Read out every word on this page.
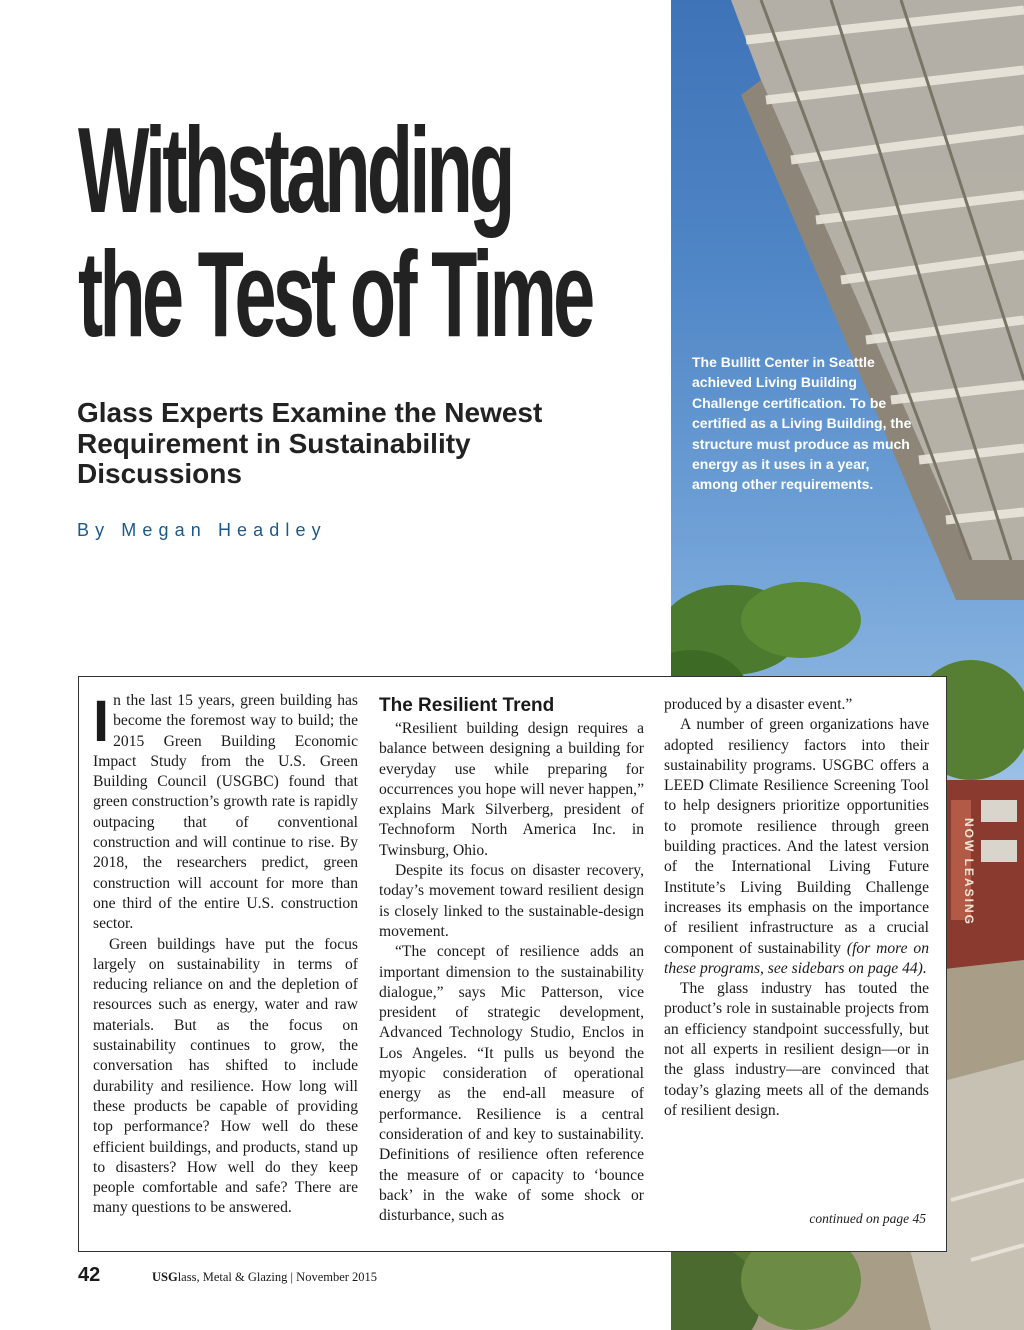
NOW LEASING
The Bullitt Center in Seattle achieved Living Building Challenge certification. To be certified as a Living Building, the structure must produce as much energy as it uses in a year, among other requirements.
Withstanding
the Test of Time
Glass Experts Examine the Newest Requirement in Sustainability Discussions
By Megan Headley

In the last 15 years, green building has become the foremost way to build; the 2015 Green Building Economic Impact Study from the U.S. Green Building Council (USGBC) found that green construction’s growth rate is rapidly outpacing that of conventional construction and will continue to rise. By 2018, the researchers predict, green construction will account for more than one third of the entire U.S. construction sector.

Green buildings have put the focus largely on sustainability in terms of reducing reliance on and the depletion of resources such as energy, water and raw materials. But as the focus on sustainability continues to grow, the conversation has shifted to include durability and resilience. How long will these products be capable of providing top performance? How well do these efficient buildings, and products, stand up to disasters? How well do they keep people comfortable and safe? There are many questions to be answered.

The Resilient Trend

“Resilient building design requires a balance between designing a building for everyday use while preparing for occurrences you hope will never happen,” explains Mark Silverberg, president of Technoform North America Inc. in Twinsburg, Ohio.

Despite its focus on disaster recovery, today’s movement toward resilient design is closely linked to the sustainable-design movement.

“The concept of resilience adds an important dimension to the sustainability dialogue,” says Mic Patterson, vice president of strategic development, Advanced Technology Studio, Enclos in Los Angeles. “It pulls us beyond the myopic consideration of operational energy as the end-all measure of performance. Resilience is a central consideration of and key to sustainability. Definitions of resilience often reference the measure of or capacity to ‘bounce back’ in the wake of some shock or disturbance, such as

produced by a disaster event.”

A number of green organizations have adopted resiliency factors into their sustainability programs. USGBC offers a LEED Climate Resilience Screening Tool to help designers prioritize opportunities to promote resilience through green building practices. And the latest version of the International Living Future Institute’s Living Building Challenge increases its emphasis on the importance of resilient infrastructure as a crucial component of sustainability (for more on these programs, see sidebars on page 44).

The glass industry has touted the product’s role in sustainable projects from an efficiency standpoint successfully, but not all experts in resilient design—or in the glass industry—are convinced that today’s glazing meets all of the demands of resilient design.

continued on page 45
42	USGlass, Metal & Glazing | November 2015
